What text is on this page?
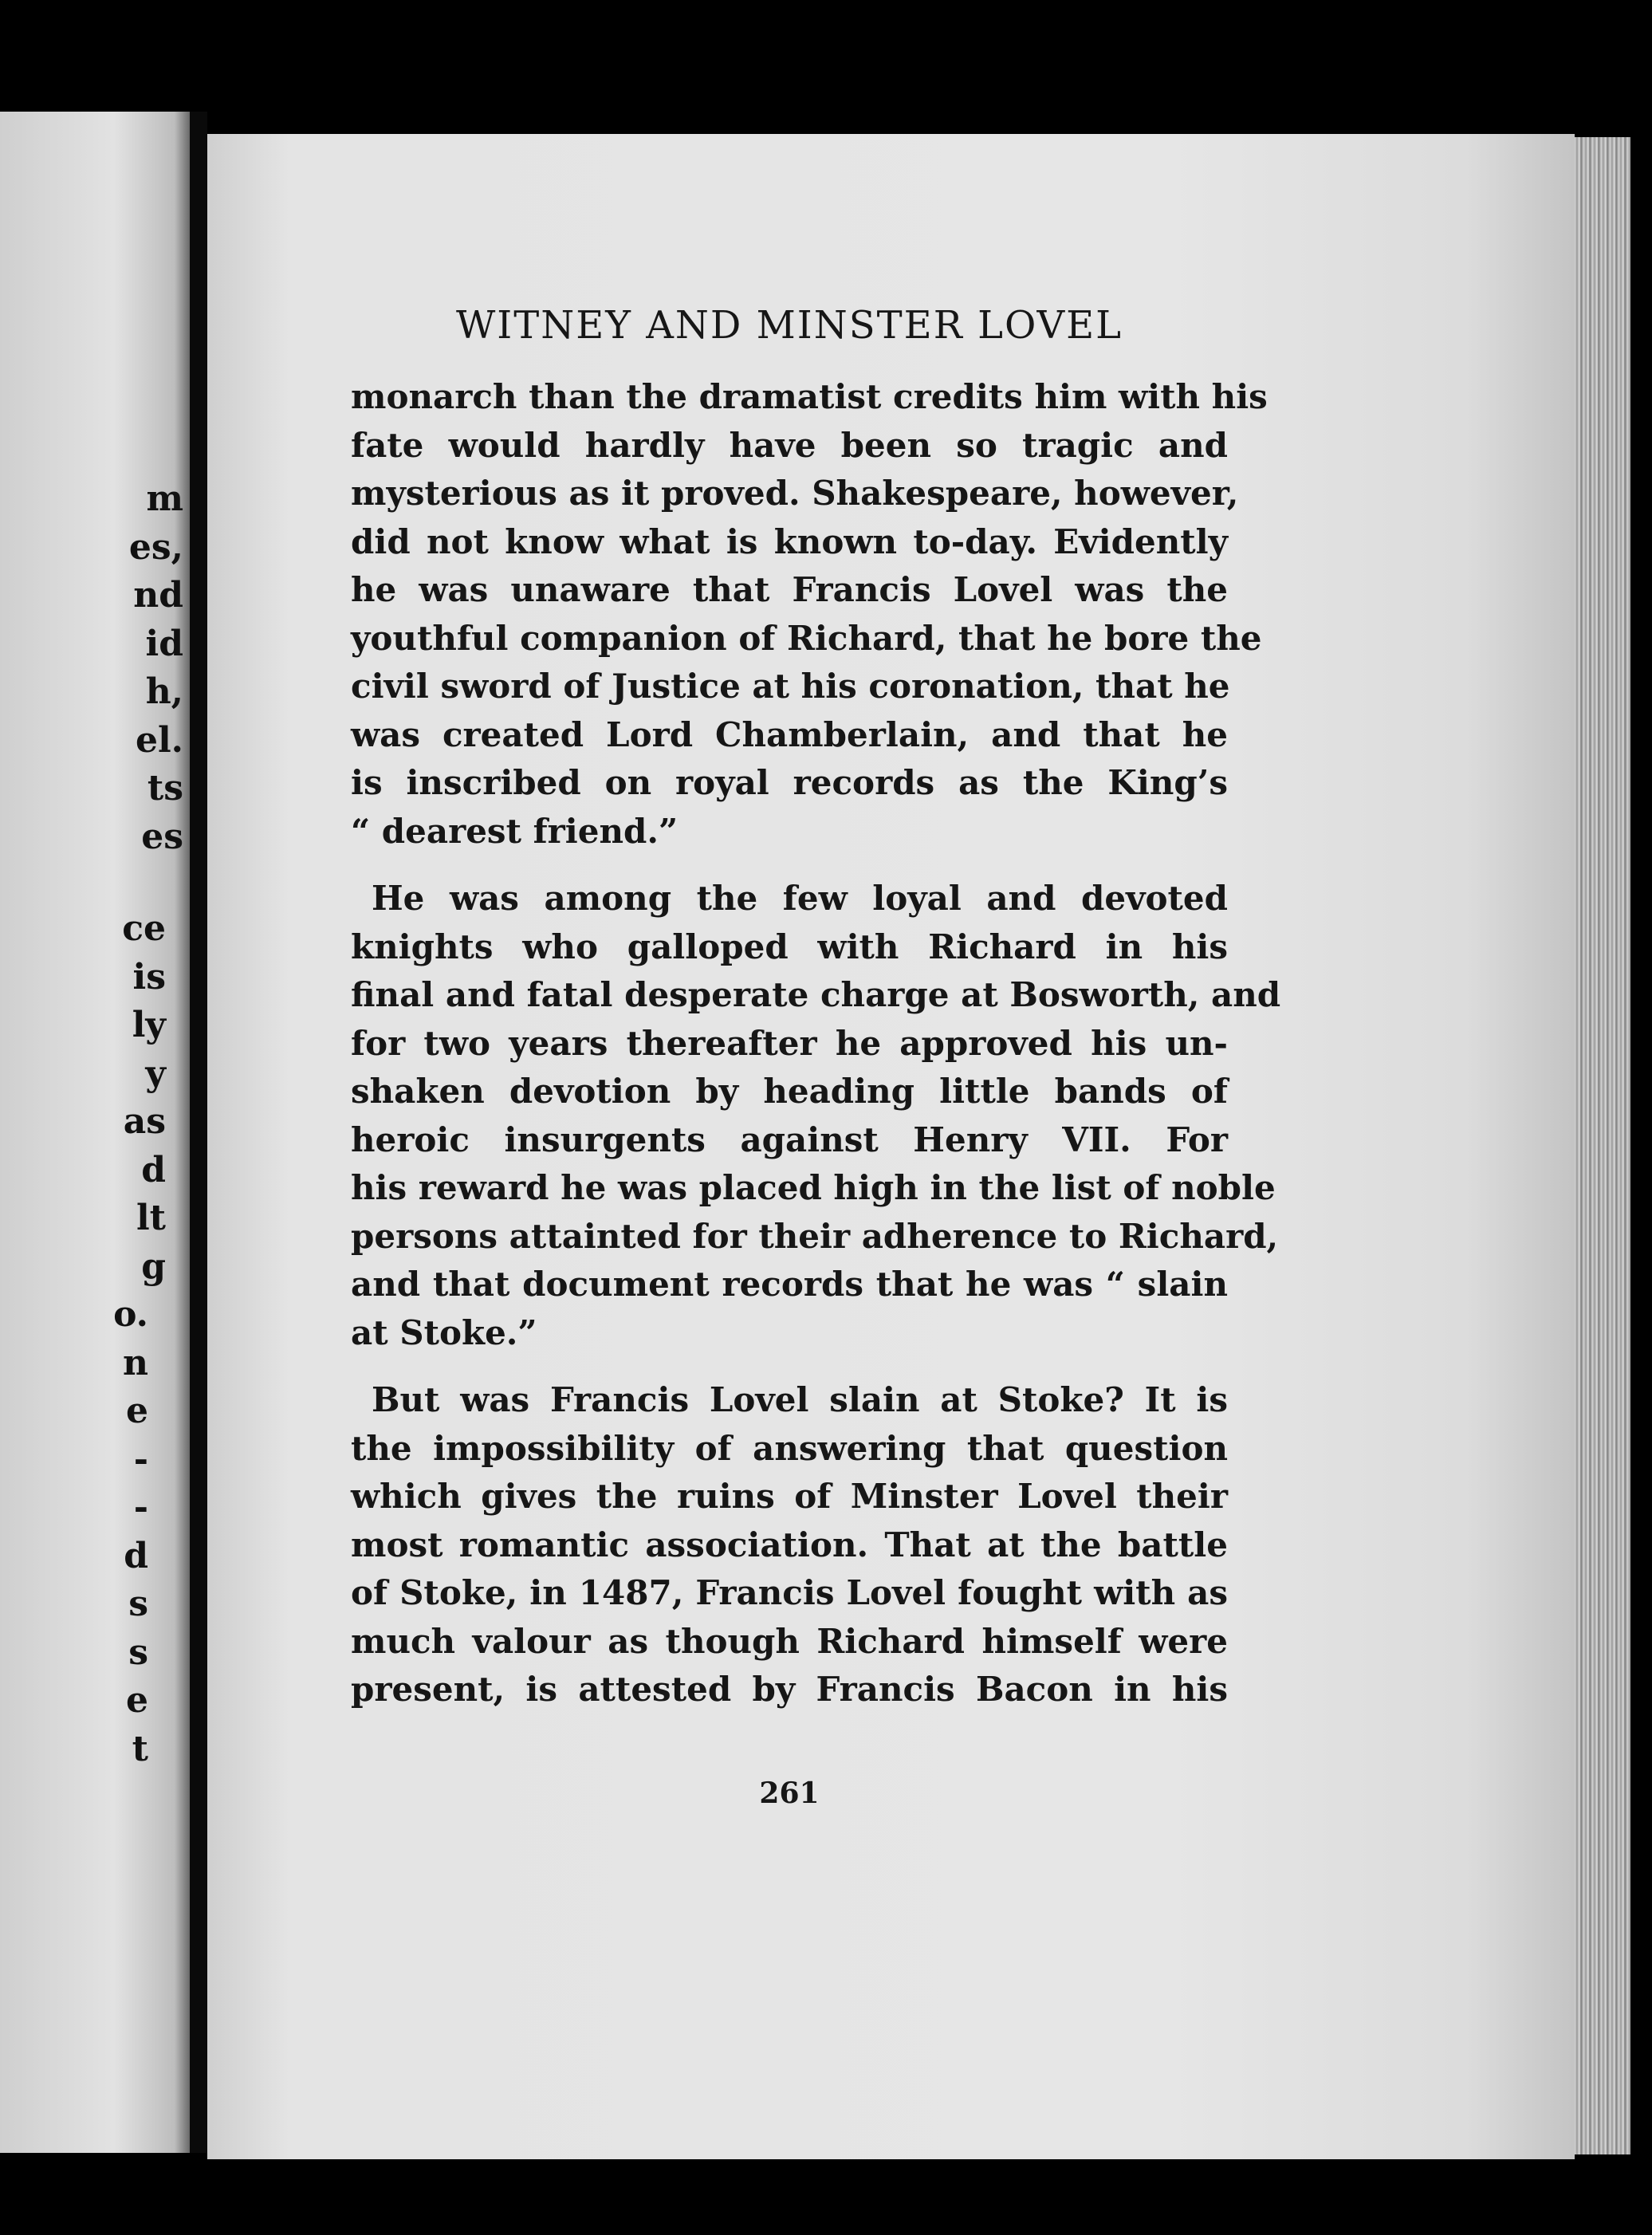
m
es,
nd
id
h,
el.
ts
es
ce
is
ly
y
as
d
lt
g
o.
n
e
-
-
d
s
s
e
t
WITNEY AND MINSTER LOVEL

monarch than the dramatist credits him with his
fate would hardly have been so tragic and
mysterious as it proved. Shakespeare, however,
did not know what is known to-day. Evidently
he was unaware that Francis Lovel was the
youthful companion of Richard, that he bore the
civil sword of Justice at his coronation, that he
was created Lord Chamberlain, and that he
is inscribed on royal records as the King’s
“ dearest friend.”

He was among the few loyal and devoted
knights who galloped with Richard in his
final and fatal desperate charge at Bosworth, and
for two years thereafter he approved his un-
shaken devotion by heading little bands of
heroic insurgents against Henry VII. For
his reward he was placed high in the list of noble
persons attainted for their adherence to Richard,
and that document records that he was “ slain
at Stoke.”

But was Francis Lovel slain at Stoke? It is
the impossibility of answering that question
which gives the ruins of Minster Lovel their
most romantic association. That at the battle
of Stoke, in 1487, Francis Lovel fought with as
much valour as though Richard himself were
present, is attested by Francis Bacon in his

261
